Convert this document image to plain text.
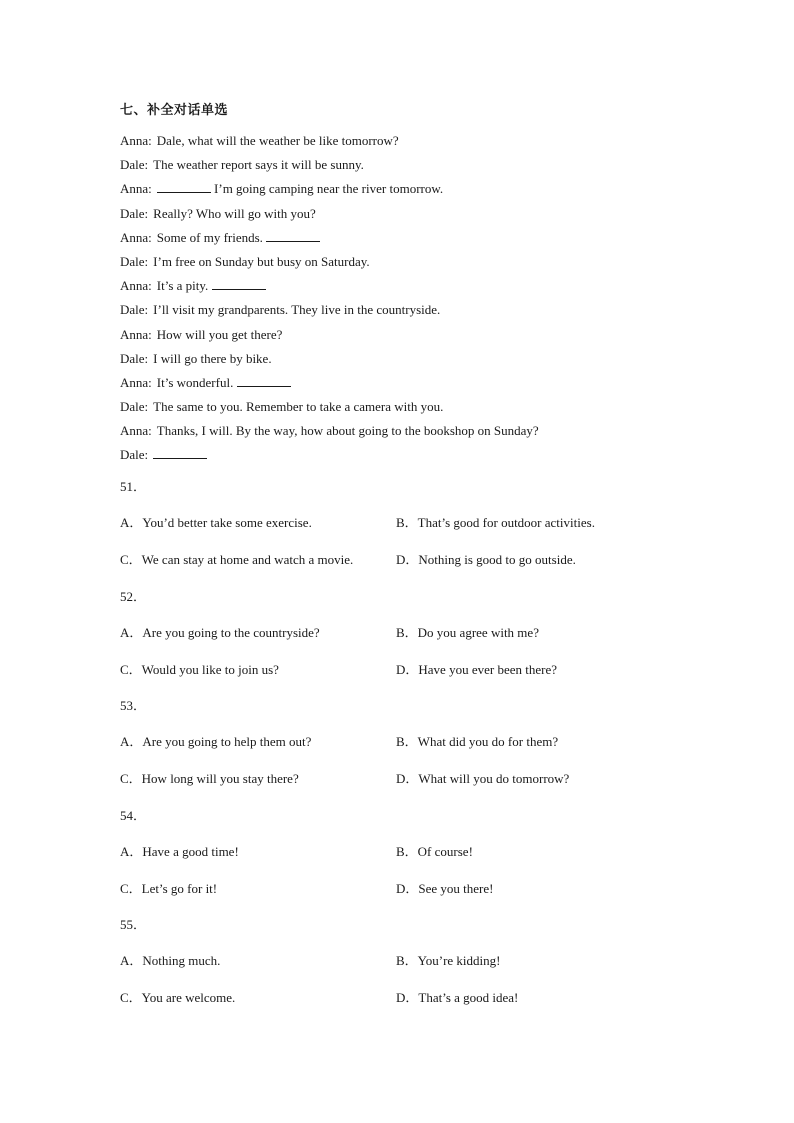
七、补全对话单选
Anna: Dale, what will the weather be like tomorrow?
Dale: The weather report says it will be sunny.
Anna:	I’m going camping near the river tomorrow.
Dale: Really? Who will go with you?
Anna: Some of my friends.
Dale: I’m free on Sunday but busy on Saturday.
Anna: It’s a pity.
Dale: I’ll visit my grandparents. They live in the countryside.
Anna: How will you get there?
Dale: I will go there by bike.
Anna: It’s wonderful.
Dale: The same to you. Remember to take a camera with you.
Anna: Thanks, I will. By the way, how about going to the bookshop on Sunday?
Dale:
51．
A．You’d better take some exercise.	B．That’s good for outdoor activities.
C．We can stay at home and watch a movie.	D．Nothing is good to go outside.
52．
A．Are you going to the countryside?	B．Do you agree with me?
C．Would you like to join us?	D．Have you ever been there?
53．
A．Are you going to help them out?	B．What did you do for them?
C．How long will you stay there?	D．What will you do tomorrow?
54．
A．Have a good time!	B．Of course!
C．Let’s go for it!	D．See you there!
55．
A．Nothing much.	B．You’re kidding!
C．You are welcome.	D．That’s a good idea!
